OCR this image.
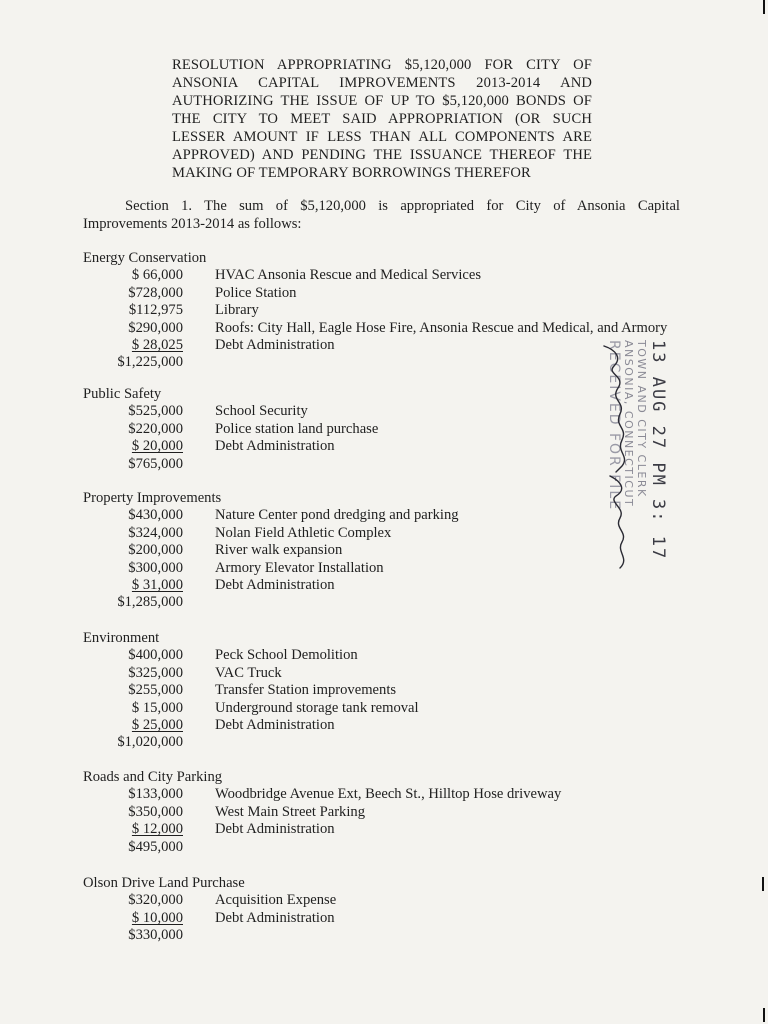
RESOLUTION APPROPRIATING $5,120,000 FOR CITY OF
ANSONIA CAPITAL IMPROVEMENTS 2013-2014 AND
AUTHORIZING THE ISSUE OF UP TO $5,120,000 BONDS OF
THE CITY TO MEET SAID APPROPRIATION (OR SUCH
LESSER AMOUNT IF LESS THAN ALL COMPONENTS ARE
APPROVED) AND PENDING THE ISSUANCE THEREOF THE
MAKING OF TEMPORARY BORROWINGS THEREFOR
Section 1. The sum of $5,120,000 is appropriated for City of Ansonia Capital
Improvements 2013-2014 as follows:
Energy Conservation
$ 66,000 HVAC Ansonia Rescue and Medical Services
$728,000 Police Station
$112,975 Library
$290,000 Roofs: City Hall, Eagle Hose Fire, Ansonia Rescue and Medical, and Armory
$ 28,025 Debt Administration
$1,225,000
Public Safety
$525,000 School Security
$220,000 Police station land purchase
$ 20,000 Debt Administration
$765,000
Property Improvements
$430,000 Nature Center pond dredging and parking
$324,000 Nolan Field Athletic Complex
$200,000 River walk expansion
$300,000 Armory Elevator Installation
$ 31,000 Debt Administration
$1,285,000
Environment
$400,000 Peck School Demolition
$325,000 VAC Truck
$255,000 Transfer Station improvements
$ 15,000 Underground storage tank removal
$ 25,000 Debt Administration
$1,020,000
Roads and City Parking
$133,000 Woodbridge Avenue Ext, Beech St., Hilltop Hose driveway
$350,000 West Main Street Parking
$ 12,000 Debt Administration
$495,000
Olson Drive Land Purchase
$320,000 Acquisition Expense
$ 10,000 Debt Administration
$330,000
13 AUG 27 PM 3: 17
TOWN AND CITY CLERK
ANSONIA, CONNECTICUT
RECEIVED FOR FILE
